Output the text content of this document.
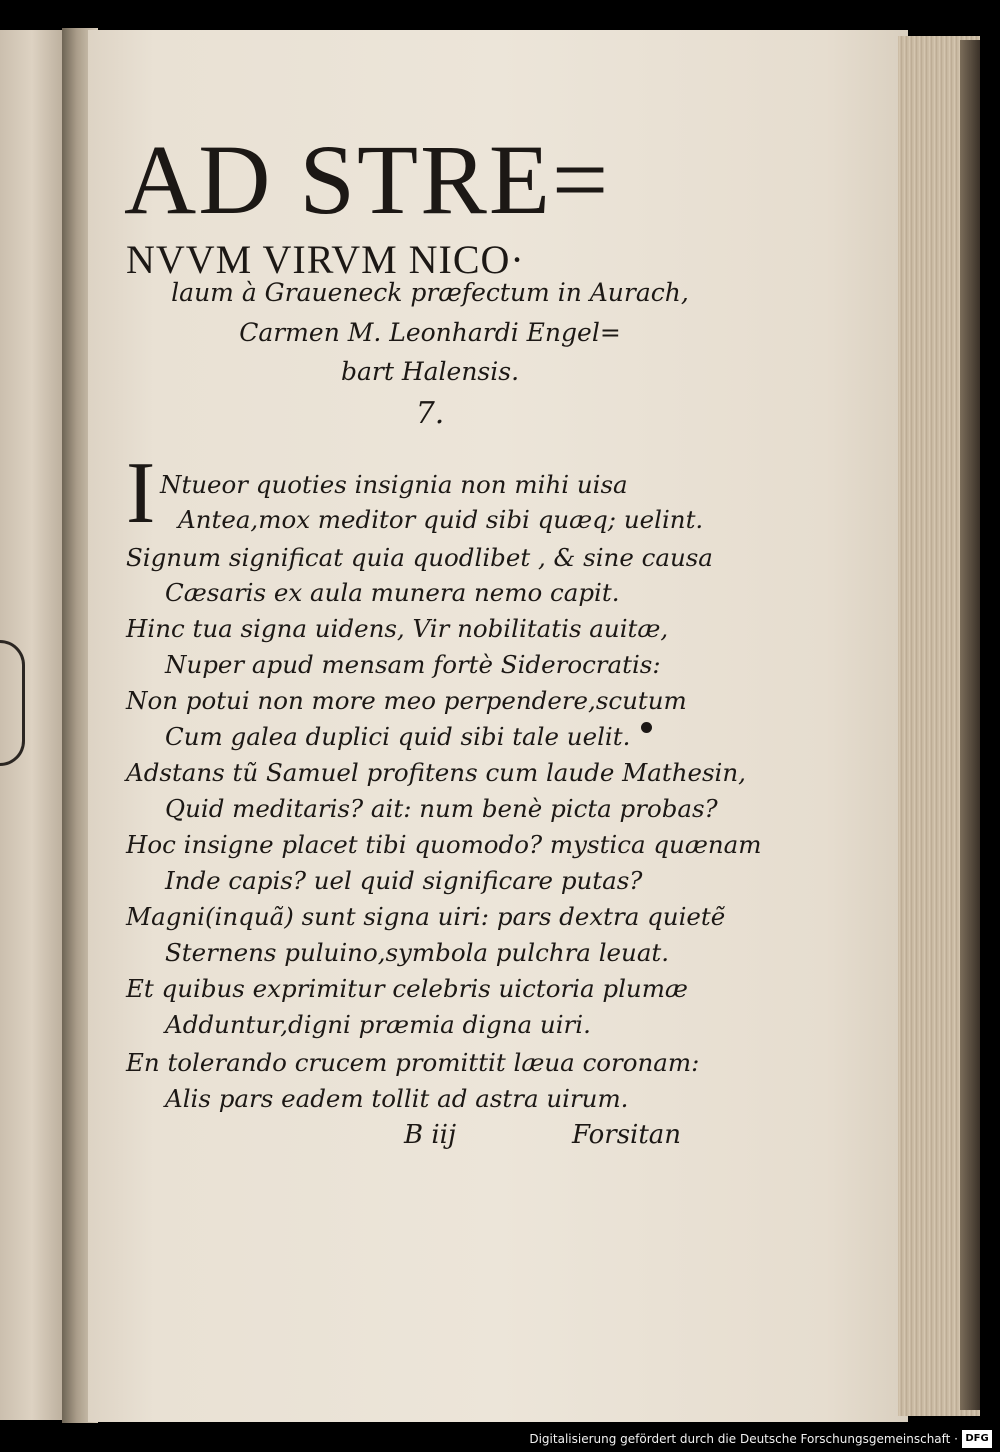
AD STRE=
NVVM VIRVM NICO·
laum à Graueneck præfectum in Aurach,
Carmen M. Leonhardi Engel=
bart Halensis.
7.
I Ntueor quoties insignia non mihi uisa
Antea,mox meditor quid sibi quæq; uelint.
Signum significat quia quodlibet , & sine causa
Cæsaris ex aula munera nemo capit.
Hinc tua signa uidens, Vir nobilitatis auitæ,
Nuper apud mensam fortè Siderocratis:
Non potui non more meo perpendere,scutum
Cum galea duplici quid sibi tale uelit.
Adstans tũ Samuel profitens cum laude Mathesin,
Quid meditaris? ait: num benè picta probas?
Hoc insigne placet tibi quomodo? mystica quænam
Inde capis? uel quid significare putas?
Magni(inquã) sunt signa uiri: pars dextra quietẽ
Sternens puluino,symbola pulchra leuat.
Et quibus exprimitur celebris uictoria plumæ
Adduntur,digni præmia digna uiri.
En tolerando crucem promittit læua coronam:
Alis pars eadem tollit ad astra uirum.
B iij	Forsitan
Digitalisierung gefördert durch die Deutsche Forschungsgemeinschaft · DFG
